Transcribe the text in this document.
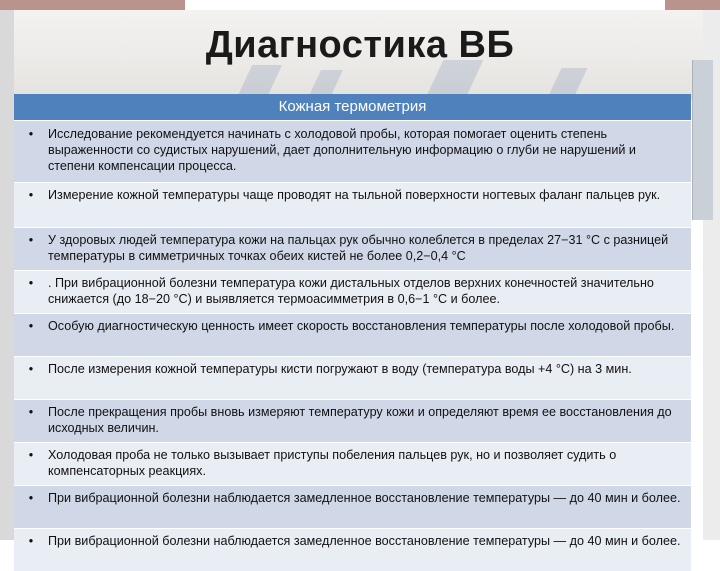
Диагностика ВБ
Кожная термометрия
•	Исследование рекомендуется начинать с холодовой пробы, которая помогает оценить степень выраженности со судистых нарушений, дает дополнительную информацию о глуби не нарушений и степени компенсации процесса.
•	Измерение кожной температуры чаще проводят на тыльной поверхности ногтевых фаланг пальцев рук.
•	У здоровых людей температура кожи на пальцах рук обычно колеблется в пределах 27−31 °С с разницей температуры в симметричных точках обеих кистей не более 0,2−0,4 °С
•	. При вибрационной болезни температура кожи дистальных отделов верхних конечностей значительно снижается (до 18−20 °С) и выявляется термоасимметрия в 0,6−1 °С и более.
•	Особую диагностическую ценность имеет скорость восстановления температуры после холодовой пробы.
•	После измерения кожной температуры кисти погружают в воду (температура воды +4 °С) на 3 мин.
•	После прекращения пробы вновь измеряют температуру кожи и определяют время ее восстановления до исходных величин.
•	Холодовая проба не только вызывает приступы побеления пальцев рук, но и позволяет судить о компенсаторных реакциях.
•	При вибрационной болезни наблюдается замедленное восстановление температуры — до 40 мин и более.
•	При вибрационной болезни наблюдается замедленное восстановление температуры — до 40 мин и более.
